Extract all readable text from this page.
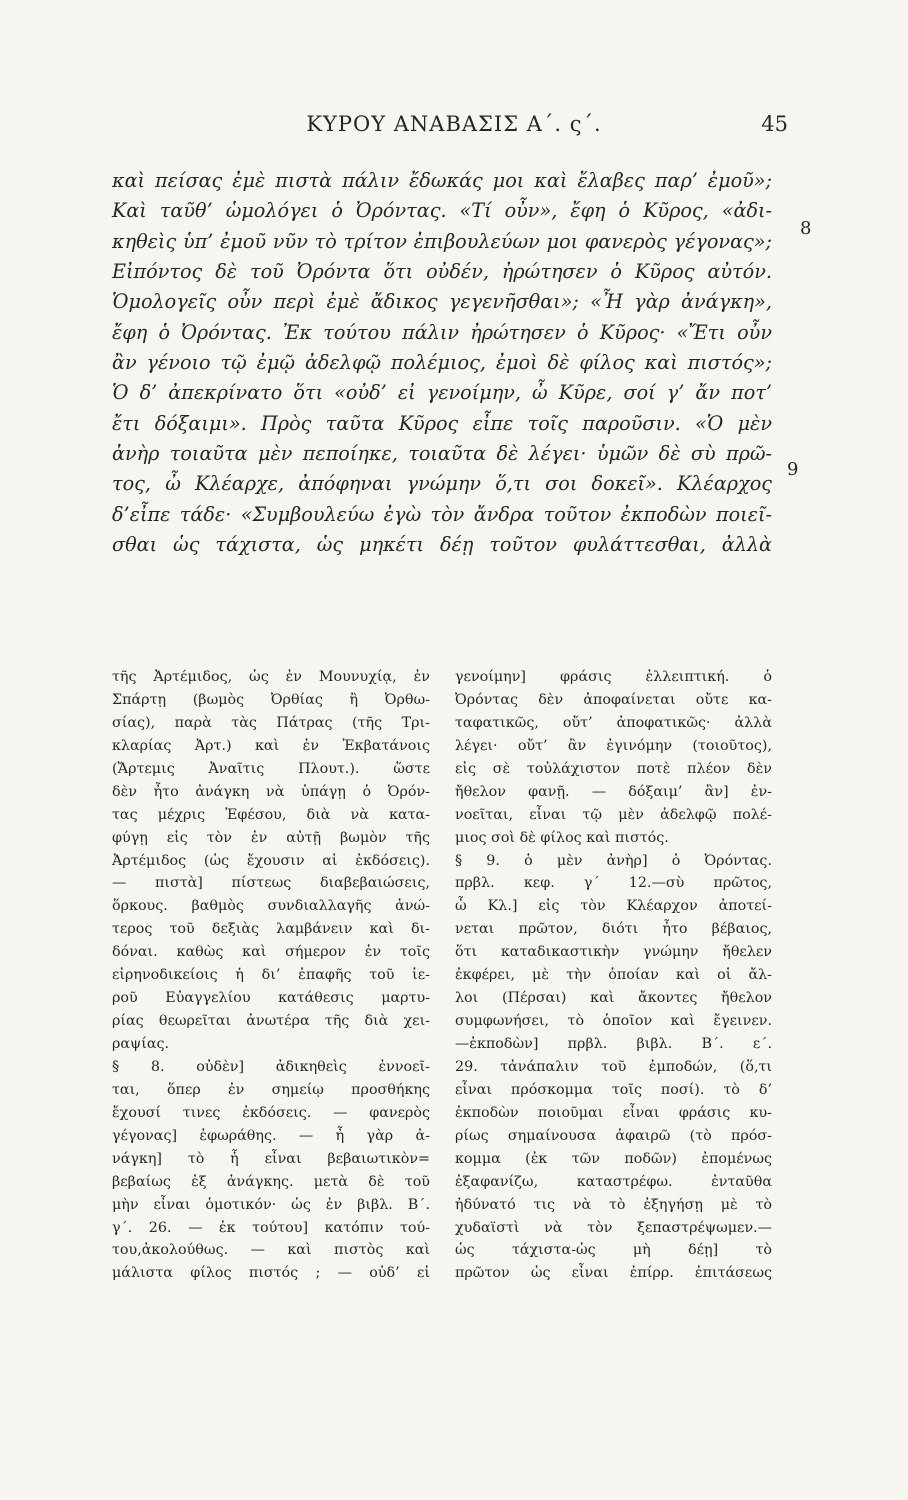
ΚΥΡΟΥ ΑΝΑΒΑΣΙΣ Α΄. ς΄.	45
καὶ πείσας ἐμὲ πιστὰ πάλιν ἔδωκάς μοι καὶ ἔλαβες παρ’ ἐμοῦ»;
Καὶ ταῦθ’ ὡμολόγει ὁ Ὀρόντας. «Τί οὖν», ἔφη ὁ Κῦρος, «ἀδι-
κηθεὶς ὑπ’ ἐμοῦ νῦν τὸ τρίτον ἐπιβουλεύων μοι φανερὸς γέγονας»;
Εἰπόντος δὲ τοῦ Ὀρόντα ὅτι οὐδέν, ἠρώτησεν ὁ Κῦρος αὐτόν.
Ὁμολογεῖς οὖν περὶ ἐμὲ ἄδικος γεγενῆσθαι»; «Ἦ γὰρ ἀνάγκη»,
ἔφη ὁ Ὀρόντας. Ἐκ τούτου πάλιν ἠρώτησεν ὁ Κῦρος· «Ἔτι οὖν
ἂν γένοιο τῷ ἐμῷ ἀδελφῷ πολέμιος, ἐμοὶ δὲ φίλος καὶ πιστός»;
Ὁ δ’ ἀπεκρίνατο ὅτι «οὐδ’ εἰ γενοίμην, ὦ Κῦρε, σοί γ’ ἄν ποτ’
ἔτι δόξαιμι». Πρὸς ταῦτα Κῦρος εἶπε τοῖς παροῦσιν. «Ὁ μὲν
ἀνὴρ τοιαῦτα μὲν πεποίηκε, τοιαῦτα δὲ λέγει· ὑμῶν δὲ σὺ πρῶ-
τος, ὦ Κλέαρχε, ἀπόφηναι γνώμην ὅ,τι σοι δοκεῖ». Κλέαρχος
δ’εἶπε τάδε· «Συμβουλεύω ἐγὼ τὸν ἄνδρα τοῦτον ἐκποδὼν ποιεῖ-
σθαι ὡς τάχιστα, ὡς μηκέτι δέῃ τοῦτον φυλάττεσθαι, ἀλλὰ
8
9
τῆς Ἀρτέμιδος, ὡς ἐν Μουνυχίᾳ, ἐν
Σπάρτῃ (βωμὸς Ὀρθίας ἢ Ὀρθω-
σίας), παρὰ τὰς Πάτρας (τῆς Τρι-
κλαρίας Ἀρτ.) καὶ ἐν Ἐκβατάνοις
(Ἄρτεμις Ἀναῖτις Πλουτ.). ὥστε
δὲν ἦτο ἀνάγκη νὰ ὑπάγῃ ὁ Ὀρόν-
τας μέχρις Ἐφέσου, διὰ νὰ κατα-
φύγῃ εἰς τὸν ἐν αὐτῇ βωμὸν τῆς
Ἀρτέμιδος (ὡς ἔχουσιν αἱ ἐκδόσεις).
— πιστὰ] πίστεως διαβεβαιώσεις,
ὅρκους. βαθμὸς συνδιαλλαγῆς ἀνώ-
τερος τοῦ δεξιὰς λαμβάνειν καὶ δι-
δόναι. καθὼς καὶ σήμερον ἐν τοῖς
εἰρηνοδικείοις ἡ δι’ ἐπαφῆς τοῦ ἱε-
ροῦ Εὐαγγελίου κατάθεσις μαρτυ-
ρίας θεωρεῖται ἀνωτέρα τῆς διὰ χει-
ραψίας.
§ 8. οὐδὲν] ἀδικηθεὶς ἐννοεῖ-
ται, ὅπερ ἐν σημείῳ προσθήκης
ἔχουσί τινες ἐκδόσεις. — φανερὸς
γέγονας] ἐφωράθης. — ἦ γὰρ ἀ-
νάγκη] τὸ ἦ εἶναι βεβαιωτικὸν=
βεβαίως ἐξ ἀνάγκης. μετὰ δὲ τοῦ
μὴν εἶναι ὁμοτικόν· ὡς ἐν βιβλ. Β΄.
γ΄. 26. — ἐκ τούτου] κατόπιν τού-
του,ἀκολούθως. — καὶ πιστὸς καὶ
μάλιστα φίλος πιστός ; — οὐδ’ εἰ
γενοίμην] φράσις ἐλλειπτική. ὁ
Ὀρόντας δὲν ἀποφαίνεται οὔτε κα-
ταφατικῶς, οὔτ’ ἀποφατικῶς· ἀλλὰ
λέγει· οὔτ’ ἂν ἐγινόμην (τοιοῦτος),
εἰς σὲ τοὐλάχιστον ποτὲ πλέον δὲν
ἤθελον φανῇ. — δόξαιμ’ ἂν] ἐν-
νοεῖται, εἶναι τῷ μὲν ἀδελφῷ πολέ-
μιος σοὶ δὲ φίλος καὶ πιστός.
§ 9. ὁ μὲν ἀνὴρ] ὁ Ὀρόντας.
πρβλ. κεφ. γ΄ 12.—σὺ πρῶτος,
ὦ Κλ.] εἰς τὸν Κλέαρχον ἀποτεί-
νεται πρῶτον, διότι ἦτο βέβαιος,
ὅτι καταδικαστικὴν γνώμην ἤθελεν
ἐκφέρει, μὲ τὴν ὁποίαν καὶ οἱ ἄλ-
λοι (Πέρσαι) καὶ ἄκοντες ἤθελον
συμφωνήσει, τὸ ὁποῖον καὶ ἔγεινεν.
—ἐκποδὼν] πρβλ. βιβλ. Β΄. ε΄.
29. τἀνάπαλιν τοῦ ἐμποδών, (ὅ,τι
εἶναι πρόσκομμα τοῖς ποσί). τὸ δ’
ἐκποδὼν ποιοῦμαι εἶναι φράσις κυ-
ρίως σημαίνουσα ἀφαιρῶ (τὸ πρόσ-
κομμα (ἐκ τῶν ποδῶν) ἐπομένως
ἐξαφανίζω, καταστρέφω. ἐνταῦθα
ἠδύνατό τις νὰ τὸ ἐξηγήσῃ μὲ τὸ
χυδαϊστὶ νὰ τὸν ξεπαστρέψωμεν.—
ὡς τάχιστα-ὡς μὴ δέῃ] τὸ
πρῶτον ὡς εἶναι ἐπίρρ. ἐπιτάσεως
